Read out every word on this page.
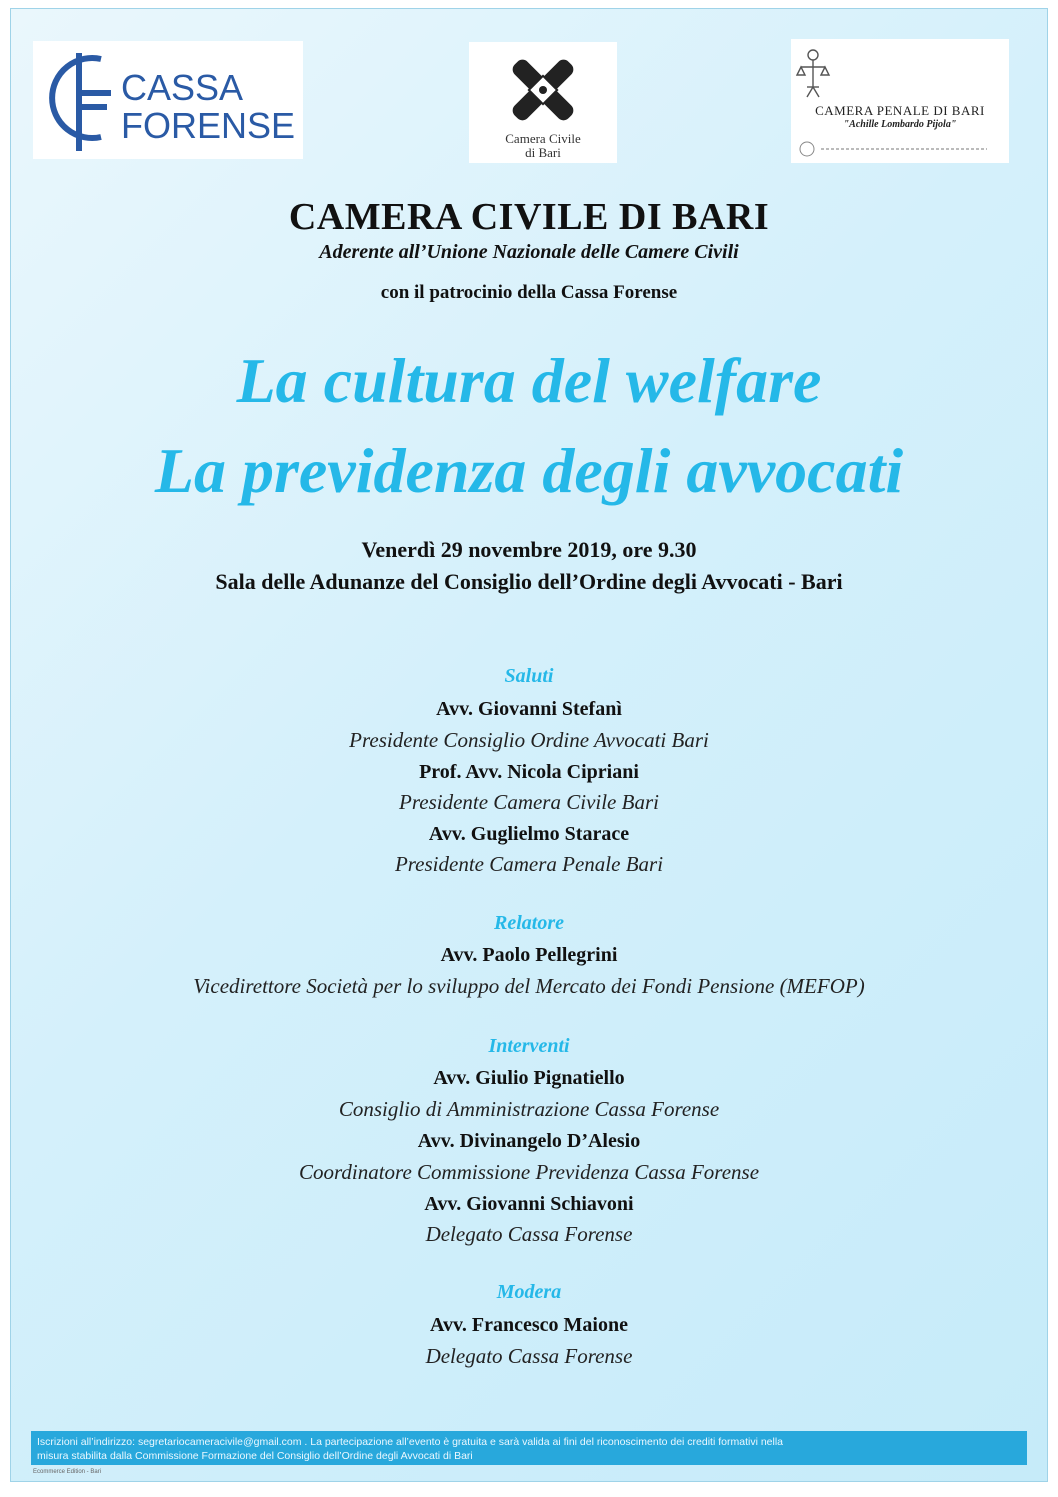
CASSA
FORENSE	Camera Civile
di Bari
CAMERA PENALE DI BARI
"Achille Lombardo Pijola"
CAMERA CIVILE DI BARI
Aderente all’Unione Nazionale delle Camere Civili
con il patrocinio della Cassa Forense
La cultura del welfare
La previdenza degli avvocati
Venerdì 29 novembre 2019, ore 9.30
Sala delle Adunanze del Consiglio dell’Ordine degli Avvocati - Bari
Saluti
Avv. Giovanni Stefanì
Presidente Consiglio Ordine Avvocati Bari
Prof. Avv. Nicola Cipriani
Presidente Camera Civile Bari
Avv. Guglielmo Starace
Presidente Camera Penale Bari
Relatore
Avv. Paolo Pellegrini
Vicedirettore Società per lo sviluppo del Mercato dei Fondi Pensione (MEFOP)
Interventi
Avv. Giulio Pignatiello
Consiglio di Amministrazione Cassa Forense
Avv. Divinangelo D’Alesio
Coordinatore Commissione Previdenza Cassa Forense
Avv. Giovanni Schiavoni
Delegato Cassa Forense
Modera
Avv. Francesco Maione
Delegato Cassa Forense
Iscrizioni all’indirizzo: segretariocameracivile@gmail.com . La partecipazione all’evento è gratuita e sarà valida ai fini del riconoscimento dei crediti formativi nella
misura stabilita dalla Commissione Formazione del Consiglio dell’Ordine degli Avvocati di Bari
Ecommerce Edition - Bari
